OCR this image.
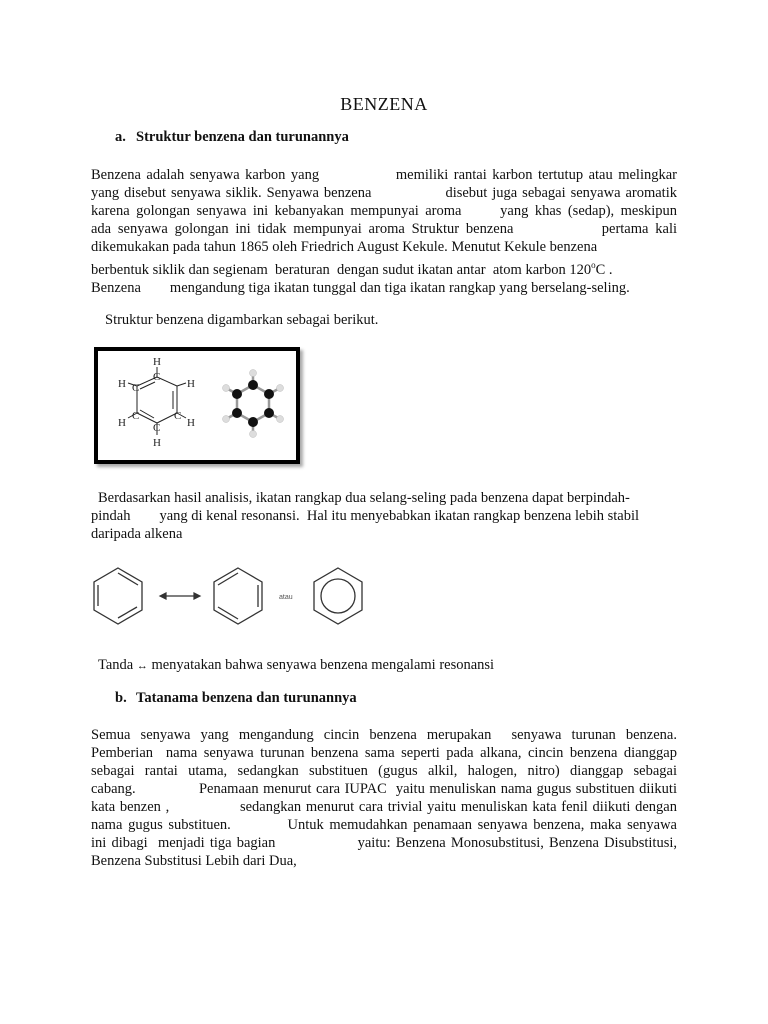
BENZENA
a. Struktur benzena dan turunannya
Benzena adalah senyawa karbon yang              memiliki rantai karbon tertutup atau melingkar
yang disebut senyawa siklik. Senyawa benzena               disebut juga sebagai senyawa aromatik
karena golongan senyawa ini kebanyakan mempunyai aroma      yang khas (sedap), meskipun
ada senyawa golongan ini tidak mempunyai aroma Struktur benzena             pertama kali
dikemukakan pada tahun 1865 oleh Friedrich August Kekule. Menutut Kekule benzena
berbentuk siklik dan segienam  beraturan  dengan sudut ikatan antar  atom karbon 120$^o$C .
Benzena        mengandung tiga ikatan tunggal dan tiga ikatan rangkap yang berselang-seling.
Struktur benzena digambarkan sebagai berikut.
H
C
H
C
H
C
H
C
H
H C
Berdasarkan hasil analisis, ikatan rangkap dua selang-seling pada benzena dapat berpindah-
pindah        yang di kenal resonansi.  Hal itu menyebabkan ikatan rangkap benzena lebih stabil
daripada alkena
atau
Tanda ↔ menyatakan bahwa senyawa benzena mengalami resonansi
b. Tatanama benzena dan turunannya
Semua senyawa yang mengandung cincin benzena merupakan  senyawa turunan benzena.
Pemberian  nama senyawa turunan benzena sama seperti pada alkana, cincin benzena dianggap
sebagai rantai utama, sedangkan substituen (gugus alkil, halogen, nitro) dianggap sebagai
cabang.              Penamaan menurut cara IUPAC  yaitu menuliskan nama gugus substituen diikuti
kata benzen ,               sedangkan menurut cara trivial yaitu menuliskan kata fenil diikuti dengan
nama gugus substituen.          Untuk memudahkan penamaan senyawa benzena, maka senyawa
ini dibagi  menjadi tiga bagian                yaitu: Benzena Monosubstitusi, Benzena Disubstitusi,
Benzena Substitusi Lebih dari Dua,
